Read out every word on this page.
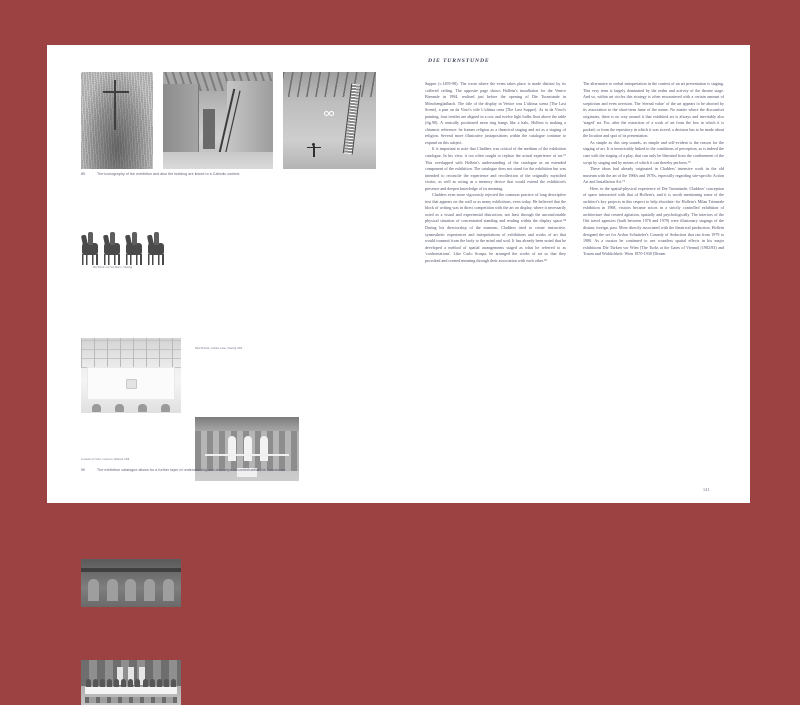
89	The iconography of the exhibition and also the building are linked to a Catholic context.
Die Pferde von San Marco, Venedig
Hans Hollein, Cabinet scene, Venedig 1984
Leonardo da Vinci, Cenacolo, Mailand 1498
90	The exhibition catalogue allows for a further layer of understanding and also helps to contextualise Die Turnstunde.
DIE TURNSTUNDE

Supper (c.1495-98). The room where the event takes place is made distinct by its coffered ceiling. The opposite page shows Hollein's installation for the Venice Biennale in 1984, realised just before the opening of Die Turnstunde in Mönchengladbach. The title of the display in Venice was L'ultima scena [The Last Scene], a pun on da Vinci's title L'ultima cena [The Last Supper]. As in da Vinci's painting, four trestles are aligned in a row and twelve light bulbs float above the table (fig.90). A centrally positioned neon ring hangs like a halo, Hollein is making a chiasmic reference: he frames religion as a theatrical staging and art as a staging of religion. Several more illustrative juxtapositions within the catalogue continue to expand on this subject.

It is important to note that Cladders was critical of the medium of the exhibition catalogue. In his view, it too often sought to replace the actual experience of art.⁶⁷ This overlapped with Hollein's understanding of the catalogue as an extended component of the exhibition. The catalogue does not stand for the exhibition but was intended to reconcile the experience and recollection of the originally mystified visitor, as well as acting as a memory device that would extend the exhibition's presence and deepen knowledge of its meaning.

Cladders even more vigorously rejected the common practice of long descriptive text that appears on the wall or as many exhibitions, even today. He believed that the block of writing was in direct competition with the art on display, where it necessarily acted as a visual and experiential distraction, not least through the uncomfortable physical situation of concentrated standing and reading within the display space.⁶⁸ During his directorship of the museum, Cladders tried to create instructive, synaesthetic experiences and interpretations of exhibitions and works of art that would transmit from the body to the mind and soul. It has already been noted that he developed a method of spatial arrangements staged as what he referred to as 'confrontations'. Like Carlo Scarpa, he arranged the works of art so that they provoked and created meaning through their association with each other.⁶⁹

The alternative to verbal interpretation in the context of an art presentation is staging. This very term is largely dominated by the realm and activity of the theatre stage. And so, within art circles this strategy is often encountered with a certain amount of scepticism and even aversion. The 'eternal value' of the art appears to be aborted by its association to the short-term fame of the mime. No matter where the discomfort originates, there is no way around it that exhibited art is always and inevitably also 'staged' art. For, after the extraction of a work of art from the box in which it is packed, or from the repository in which it was stored, a decision has to be made about the location and spot of its presentation.

As simple as this step sounds, as simple and self-evident is the reason for the staging of art. It is inextricably linked to the conditions of perception, as is indeed the case with the staging of a play, that can only be liberated from the confinement of the script by staging and by means of which it can thereby perform.⁷⁰

These ideas had already originated in Cladders' intensive work in the old museum with the art of the 1960s and 1970s, especially regarding site-specific Action Art and Installation Art.⁷¹

Here, in the spatial-physical experience of Die Turnstunde, Cladders' conception of space intersected with that of Hollein's, and it is worth mentioning some of the architect's key projects in this respect to help elucidate: for Hollein's Milan Triennale exhibition in 1968, visitors became actors in a strictly controlled exhibition of architecture that created agitation, spatially and psychologically. The interiors of the Otti travel agencies (built between 1976 and 1979) were illusionary stagings of the distant, foreign, past. More directly associated with the theatrical production, Hollein designed the set for Arthur Schnitzler's Comedy of Seduction that ran from 1979 to 1980. As a curator he continued to use countless spatial effects in his major exhibitions Die Türken vor Wien [The Turks at the Gates of Vienna] (1982/83) and Traum und Wirklichkeit: Wien 1870-1930 [Dream

141
